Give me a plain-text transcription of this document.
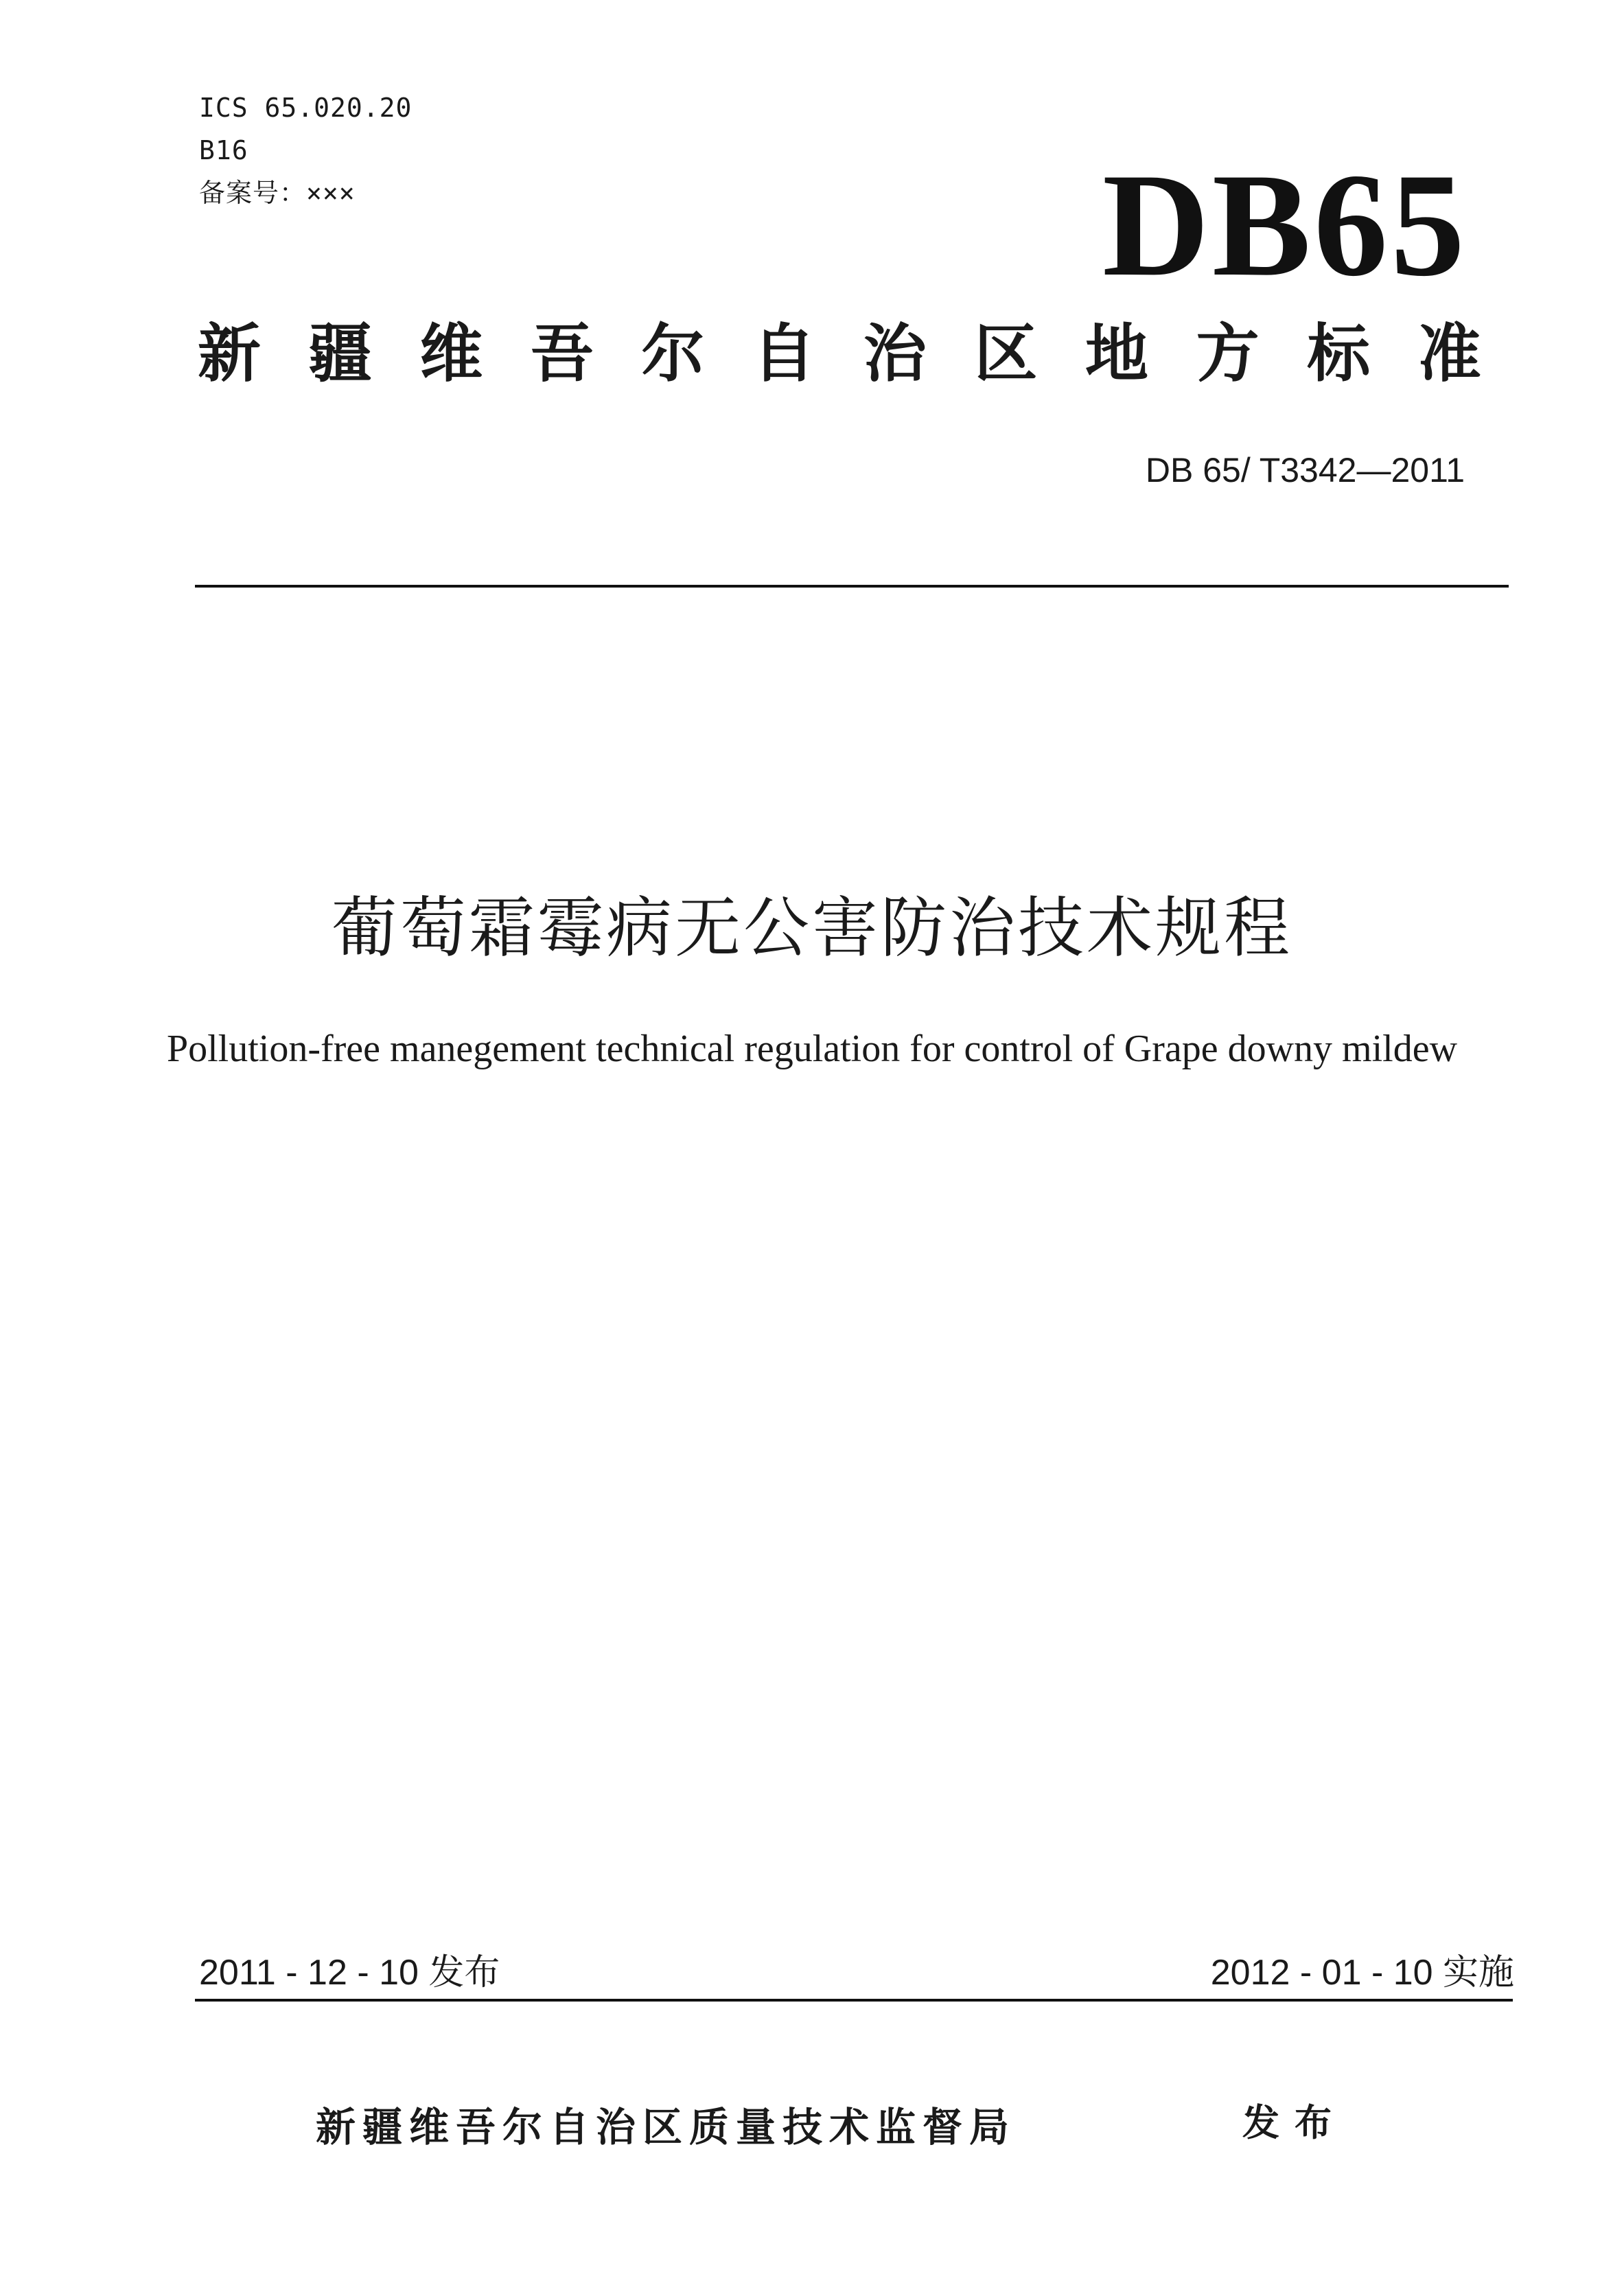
ICS 65.020.20
B16
备案号：×××	DB65
新 疆 维 吾 尔 自 治 区 地 方 标 准
DB 65/ T3342—2011
葡萄霜霉病无公害防治技术规程
Pollution-free manegement technical regulation for control of Grape downy mildew
2011 - 12 - 10 发布	2012 - 01 - 10 实施
新疆维吾尔自治区质量技术监督局	发布
